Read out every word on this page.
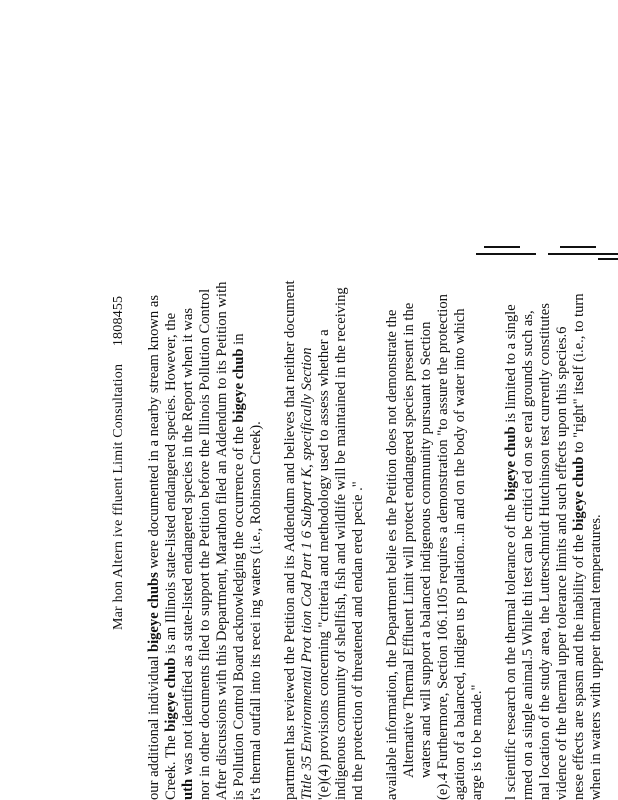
Mar hon Altern ive ffluent Limit Consultation 1808455
our additional individual bigeye chubs were documented in a nearby stream known as
Creek. The bigeye chub is an Illinois state-listed endangered species. However, the
uth was not identified as a state-listed endangered species in the Report when it was nor in other documents filed to support the Petition before the Illinois Pollution Control After discussions with this Department, Marathon filed an Addendum to its Petition with is Pollution Control Board acknowledging the occurrence of the bigeye chub in
t's thermal outfall into its recei ing waters (i.e., Robinson Creek). partment has reviewed the Petition and its Addendum and believes that neither document Title 35 Environmental Prot tion Cod Part 1 6 Subpart K, specifically Section '(e)(4) provisions concerning "criteria and methodology used to assess whether a indigenous community of shellfish, fish and wildlife will be maintained in the receiving nd the protection of threatened and endan ered pecie ." available information, the Department belie es the Petition does not demonstrate the Alternative Thermal Effluent Limit will protect endangered species present in the waters and will support a balanced indigenous community pursuant to Section (e).4 Furthermore, Section 106.1105 requires a demonstration "to assure the protection agation of a balanced, indigen us p pulation...in and on the body of water into which arge is to be made." l scientific research on the thermal tolerance of the bigeye chub is limited to a single rmed on a single animal.5 While thi test can be critici ed on se eral grounds such as, nal location of the study area, the Lutterschmidt Hutchinson test currently constitutes vidence of the thermal upper tolerance limits and such effects upon this species.6 nese effects are spasm and the inability of the bigeye chub to "right" itself (i.e., to turn
when in waters with upper thermal temperatures.
